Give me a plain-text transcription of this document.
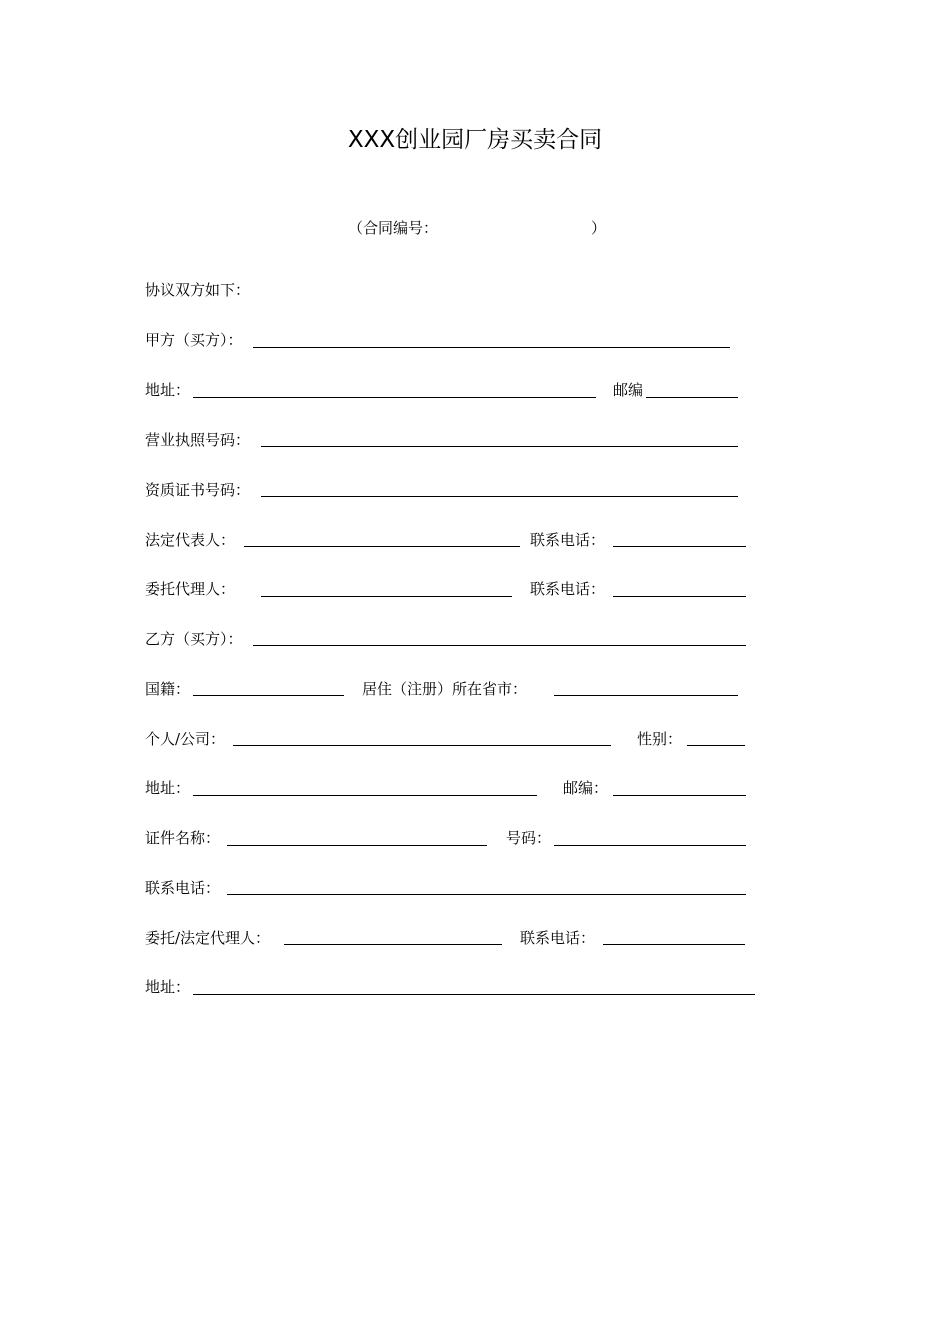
XXX创业园厂房买卖合同
（合同编号：	）
协议双方如下：
甲方（买方）：
地址：	邮编
营业执照号码：
资质证书号码：
法定代表人：	联系电话：
委托代理人：	联系电话：
乙方（买方）：
国籍：	居住（注册）所在省市：
个人/公司：	性别：
地址：	邮编：
证件名称：	号码：
联系电话：
委托/法定代理人：	联系电话：
地址：
